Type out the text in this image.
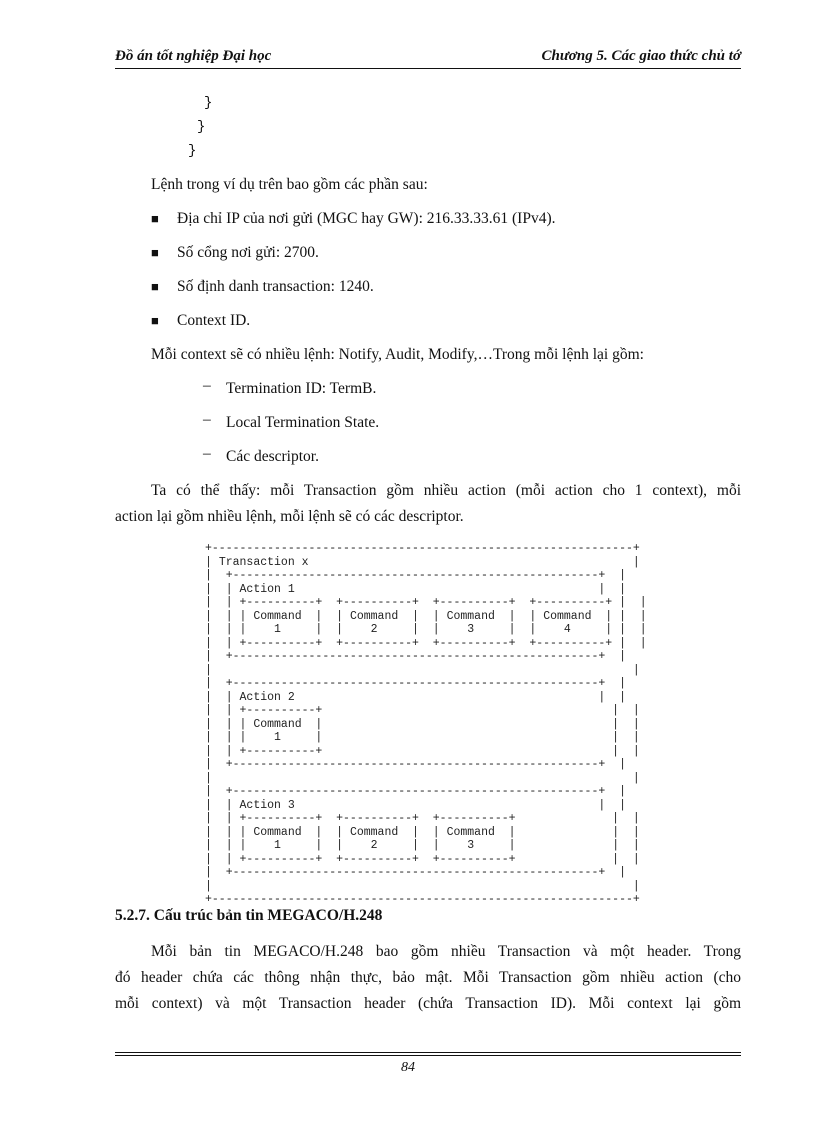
Đồ án tốt nghiệp Đại học	Chương 5. Các giao thức chủ tớ
}
}
}
Lệnh trong ví dụ trên bao gồm các phần sau:
■ Địa chỉ IP của nơi gửi (MGC hay GW): 216.33.33.61 (IPv4).
■ Số cổng nơi gửi: 2700.
■ Số định danh transaction: 1240.
■ Context ID.
Mỗi context sẽ có nhiều lệnh: Notify, Audit, Modify,…Trong mỗi lệnh lại gồm:
– Termination ID: TermB.
– Local Termination State.
– Các descriptor.
Ta có thể thấy: mỗi Transaction gồm nhiều action (mỗi action cho 1 context), mỗi
action lại gồm nhiều lệnh, mỗi lệnh sẽ có các descriptor.
+-------------------------------------------------------------+
| Transaction x	|
|  +-----------------------------------------------------+  |
|  | Action 1	|  |
|  | +----------+  +----------+  +----------+  +----------+ |  |
|  | | Command  |  | Command  |  | Command  |  | Command  | |  |
|  | |    1     |  |    2     |  |    3     |  |    4	| |  |
|  | +----------+  +----------+  +----------+  +----------+ |  |
|  +-----------------------------------------------------+  |
|                                                             |
|  +-----------------------------------------------------+  |
|  | Action 2	|  |
|  | +----------+                                          |  |
|  | | Command  |                                          |  |
|  | |    1	|                                          |  |
|  | +----------+                                          |  |
|  +-----------------------------------------------------+  |
|                                                             |
|  +-----------------------------------------------------+  |
|  | Action 3	|  |
|  | +----------+  +----------+  +----------+              |  |
|  | | Command  |  | Command  |  | Command  |              |  |
|  | |    1     |  |    2     |  |    3	|              |  |
|  | +----------+  +----------+  +----------+              |  |
|  +-----------------------------------------------------+  |
|                                                             |
+-------------------------------------------------------------+
5.2.7. Cấu trúc bản tin MEGACO/H.248
Mỗi bản tin MEGACO/H.248 bao gồm nhiều Transaction và một header. Trong
đó header chứa các thông nhận thực, bảo mật. Mỗi Transaction gồm nhiều action (cho
mỗi context) và một Transaction header (chứa Transaction ID). Mỗi context lại gồm
84
